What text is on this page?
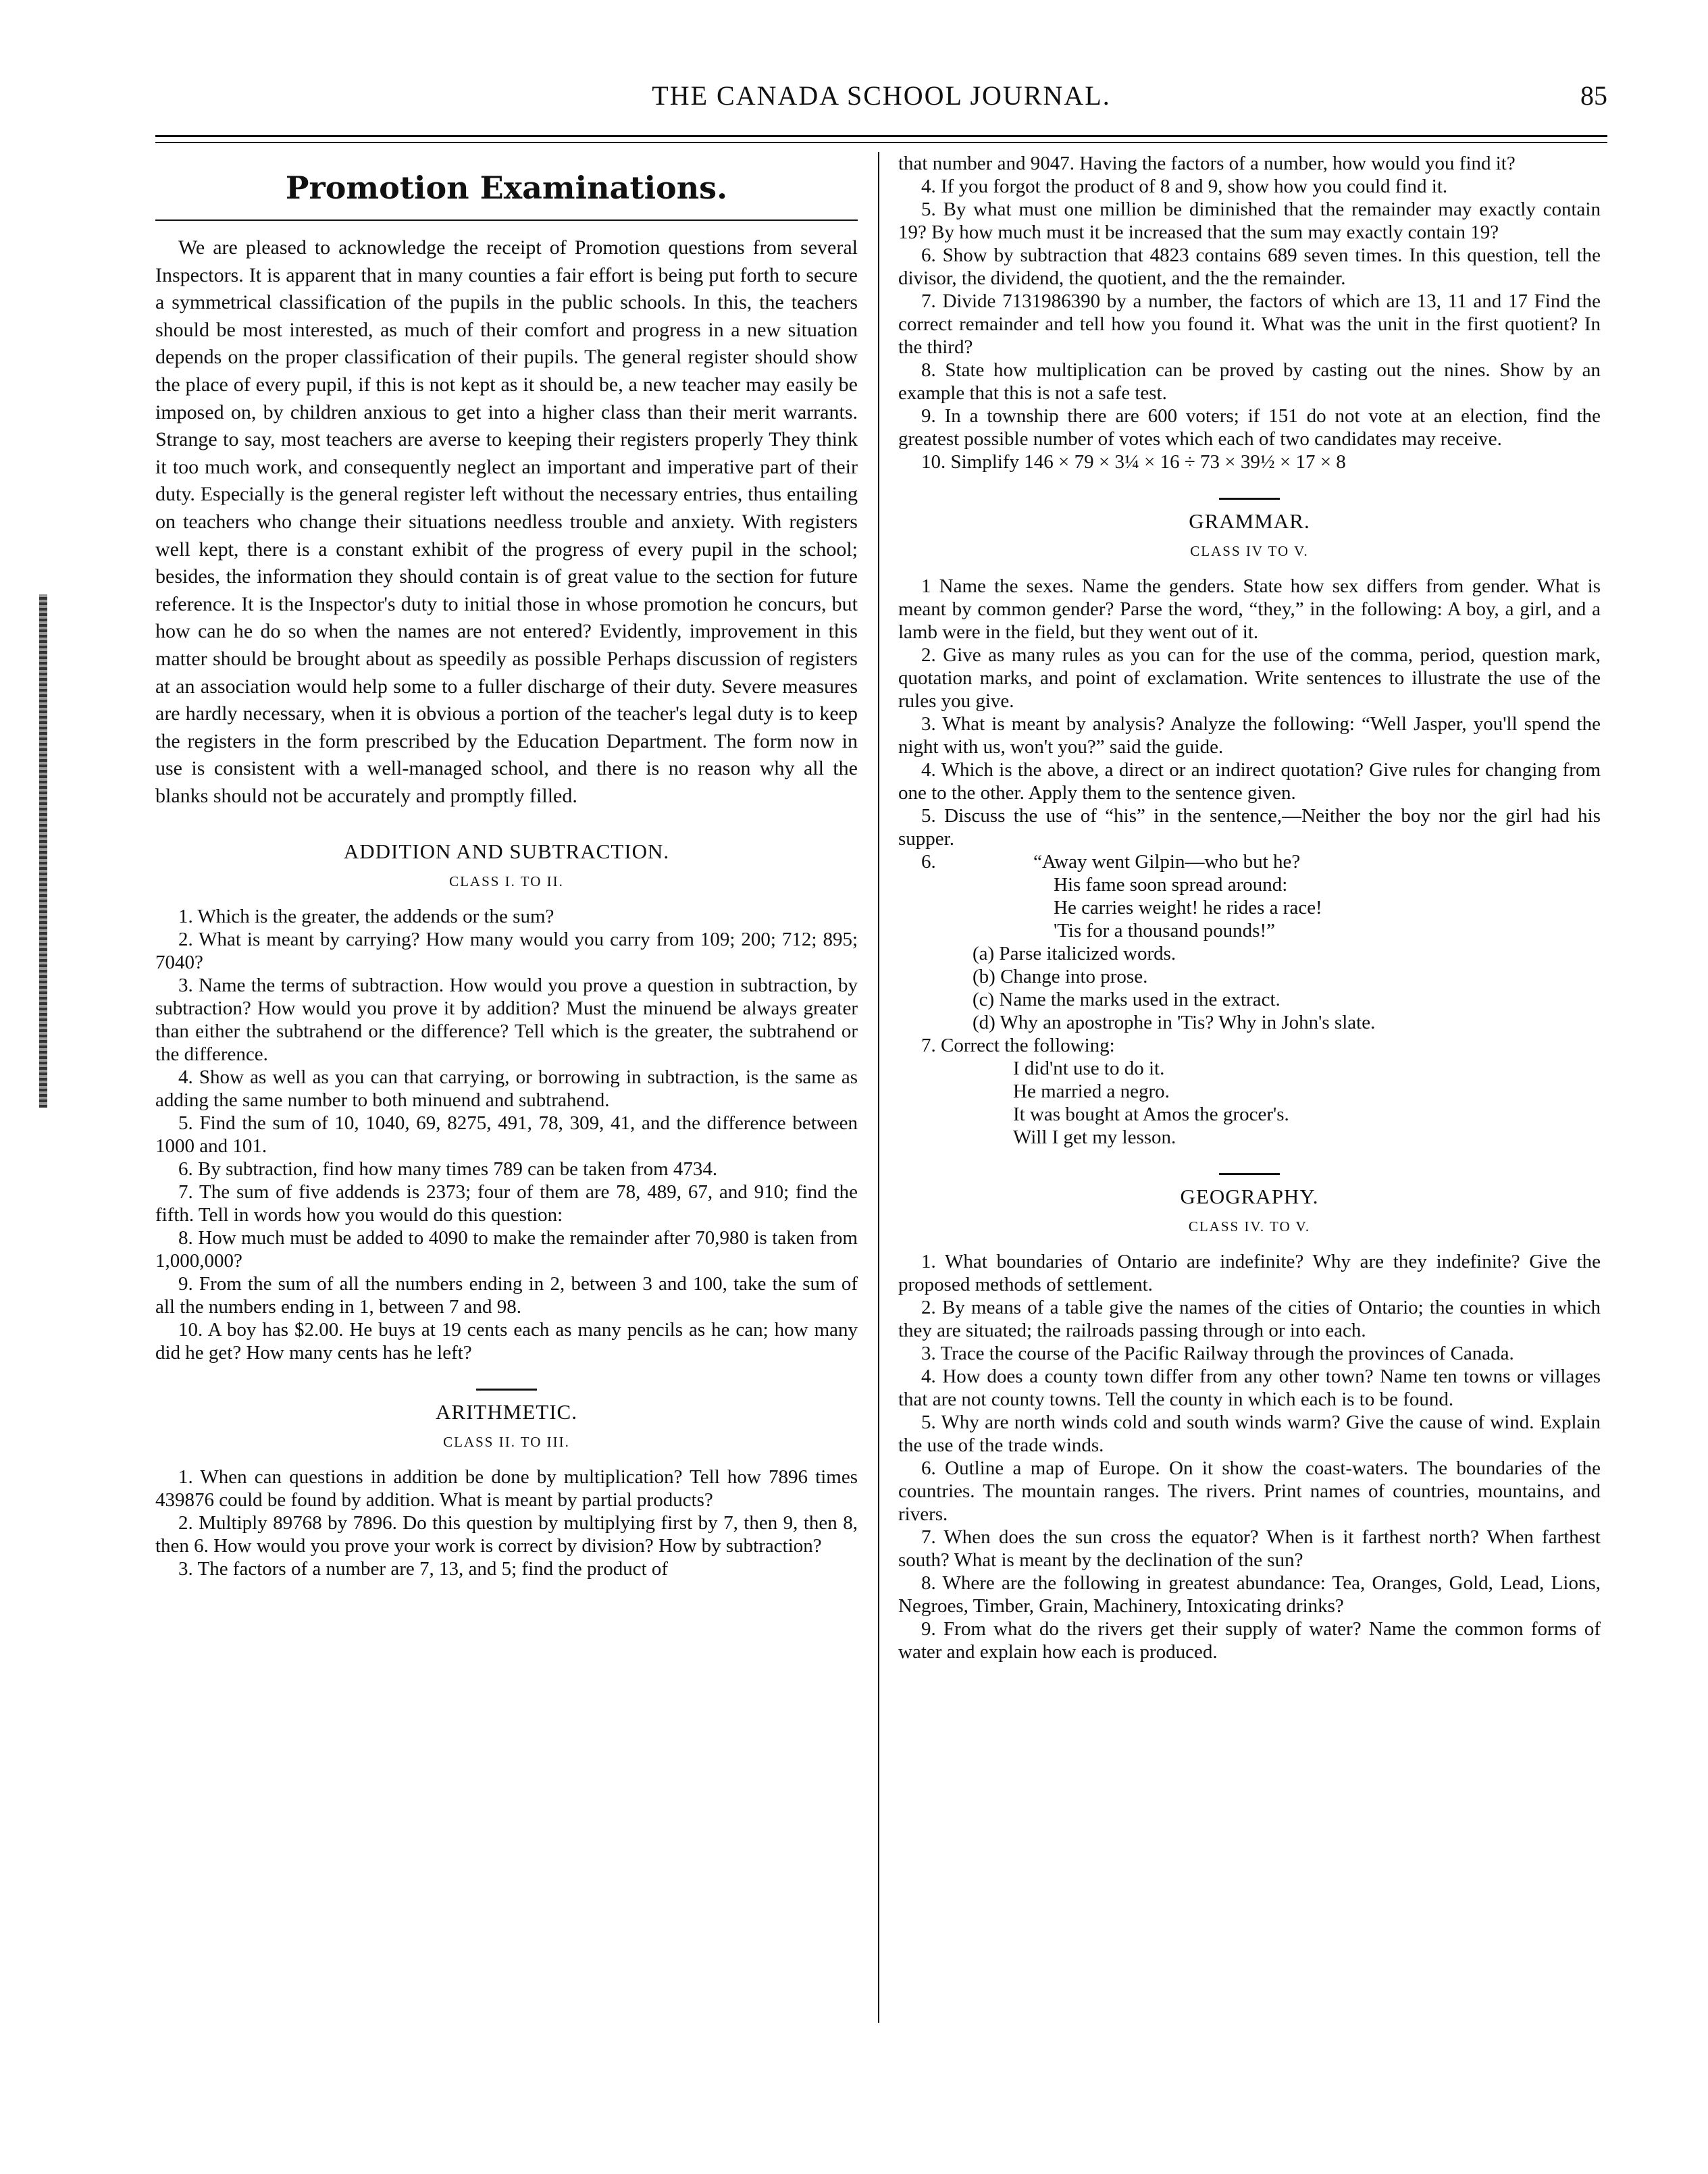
THE CANADA SCHOOL JOURNAL.	85
Promotion Examinations.

We are pleased to acknowledge the receipt of Promotion questions from several Inspectors. It is apparent that in many counties a fair effort is being put forth to secure a symmetrical classification of the pupils in the public schools. In this, the teachers should be most interested, as much of their comfort and progress in a new situation depends on the proper classification of their pupils. The general register should show the place of every pupil, if this is not kept as it should be, a new teacher may easily be imposed on, by children anxious to get into a higher class than their merit warrants. Strange to say, most teachers are averse to keeping their registers properly They think it too much work, and consequently neglect an important and imperative part of their duty. Especially is the general register left without the necessary entries, thus entailing on teachers who change their situations needless trouble and anxiety. With registers well kept, there is a constant exhibit of the progress of every pupil in the school; besides, the information they should contain is of great value to the section for future reference. It is the Inspector's duty to initial those in whose promotion he concurs, but how can he do so when the names are not entered? Evidently, improvement in this matter should be brought about as speedily as possible Perhaps discussion of registers at an association would help some to a fuller discharge of their duty. Severe measures are hardly necessary, when it is obvious a portion of the teacher's legal duty is to keep the registers in the form prescribed by the Education Department. The form now in use is consistent with a well-managed school, and there is no reason why all the blanks should not be accurately and promptly filled.

ADDITION AND SUBTRACTION.
CLASS I. TO II.

1. Which is the greater, the addends or the sum?

2. What is meant by carrying? How many would you carry from 109; 200; 712; 895; 7040?

3. Name the terms of subtraction. How would you prove a question in subtraction, by subtraction? How would you prove it by addition? Must the minuend be always greater than either the subtrahend or the difference? Tell which is the greater, the subtrahend or the difference.

4. Show as well as you can that carrying, or borrowing in subtraction, is the same as adding the same number to both minuend and subtrahend.

5. Find the sum of 10, 1040, 69, 8275, 491, 78, 309, 41, and the difference between 1000 and 101.

6. By subtraction, find how many times 789 can be taken from 4734.

7. The sum of five addends is 2373; four of them are 78, 489, 67, and 910; find the fifth. Tell in words how you would do this question:

8. How much must be added to 4090 to make the remainder after 70,980 is taken from 1,000,000?

9. From the sum of all the numbers ending in 2, between 3 and 100, take the sum of all the numbers ending in 1, between 7 and 98.

10. A boy has $2.00. He buys at 19 cents each as many pencils as he can; how many did he get? How many cents has he left?

ARITHMETIC.
CLASS II. TO III.

1. When can questions in addition be done by multiplication? Tell how 7896 times 439876 could be found by addition. What is meant by partial products?

2. Multiply 89768 by 7896. Do this question by multiplying first by 7, then 9, then 8, then 6. How would you prove your work is correct by division? How by subtraction?

3. The factors of a number are 7, 13, and 5; find the product of

that number and 9047. Having the factors of a number, how would you find it?

4. If you forgot the product of 8 and 9, show how you could find it.

5. By what must one million be diminished that the remainder may exactly contain 19? By how much must it be increased that the sum may exactly contain 19?

6. Show by subtraction that 4823 contains 689 seven times. In this question, tell the divisor, the dividend, the quotient, and the the remainder.

7. Divide 7131986390 by a number, the factors of which are 13, 11 and 17 Find the correct remainder and tell how you found it. What was the unit in the first quotient? In the third?

8. State how multiplication can be proved by casting out the nines. Show by an example that this is not a safe test.

9. In a township there are 600 voters; if 151 do not vote at an election, find the greatest possible number of votes which each of two candidates may receive.

10. Simplify 146 × 79 × 3¼ × 16 ÷ 73 × 39½ × 17 × 8

GRAMMAR.
CLASS IV TO V.

1 Name the sexes. Name the genders. State how sex differs from gender. What is meant by common gender? Parse the word, “they,” in the following: A boy, a girl, and a lamb were in the field, but they went out of it.

2. Give as many rules as you can for the use of the comma, period, question mark, quotation marks, and point of exclamation. Write sentences to illustrate the use of the rules you give.

3. What is meant by analysis? Analyze the following: “Well Jasper, you'll spend the night with us, won't you?” said the guide.

4. Which is the above, a direct or an indirect quotation? Give rules for changing from one to the other. Apply them to the sentence given.

5. Discuss the use of “his” in the sentence,—Neither the boy nor the girl had his supper.

6.	“Away went Gilpin—who but he?
His fame soon spread around:
He carries weight! he rides a race!
'Tis for a thousand pounds!”
(a) Parse italicized words.
(b) Change into prose.
(c) Name the marks used in the extract.
(d) Why an apostrophe in 'Tis? Why in John's slate.
7. Correct the following:
I did'nt use to do it.
He married a negro.
It was bought at Amos the grocer's.
Will I get my lesson.
GEOGRAPHY.
CLASS IV. TO V.

1. What boundaries of Ontario are indefinite? Why are they indefinite? Give the proposed methods of settlement.

2. By means of a table give the names of the cities of Ontario; the counties in which they are situated; the railroads passing through or into each.

3. Trace the course of the Pacific Railway through the provinces of Canada.

4. How does a county town differ from any other town? Name ten towns or villages that are not county towns. Tell the county in which each is to be found.

5. Why are north winds cold and south winds warm? Give the cause of wind. Explain the use of the trade winds.

6. Outline a map of Europe. On it show the coast-waters. The boundaries of the countries. The mountain ranges. The rivers. Print names of countries, mountains, and rivers.

7. When does the sun cross the equator? When is it farthest north? When farthest south? What is meant by the declination of the sun?

8. Where are the following in greatest abundance: Tea, Oranges, Gold, Lead, Lions, Negroes, Timber, Grain, Machinery, Intoxicating drinks?

9. From what do the rivers get their supply of water? Name the common forms of water and explain how each is produced.
